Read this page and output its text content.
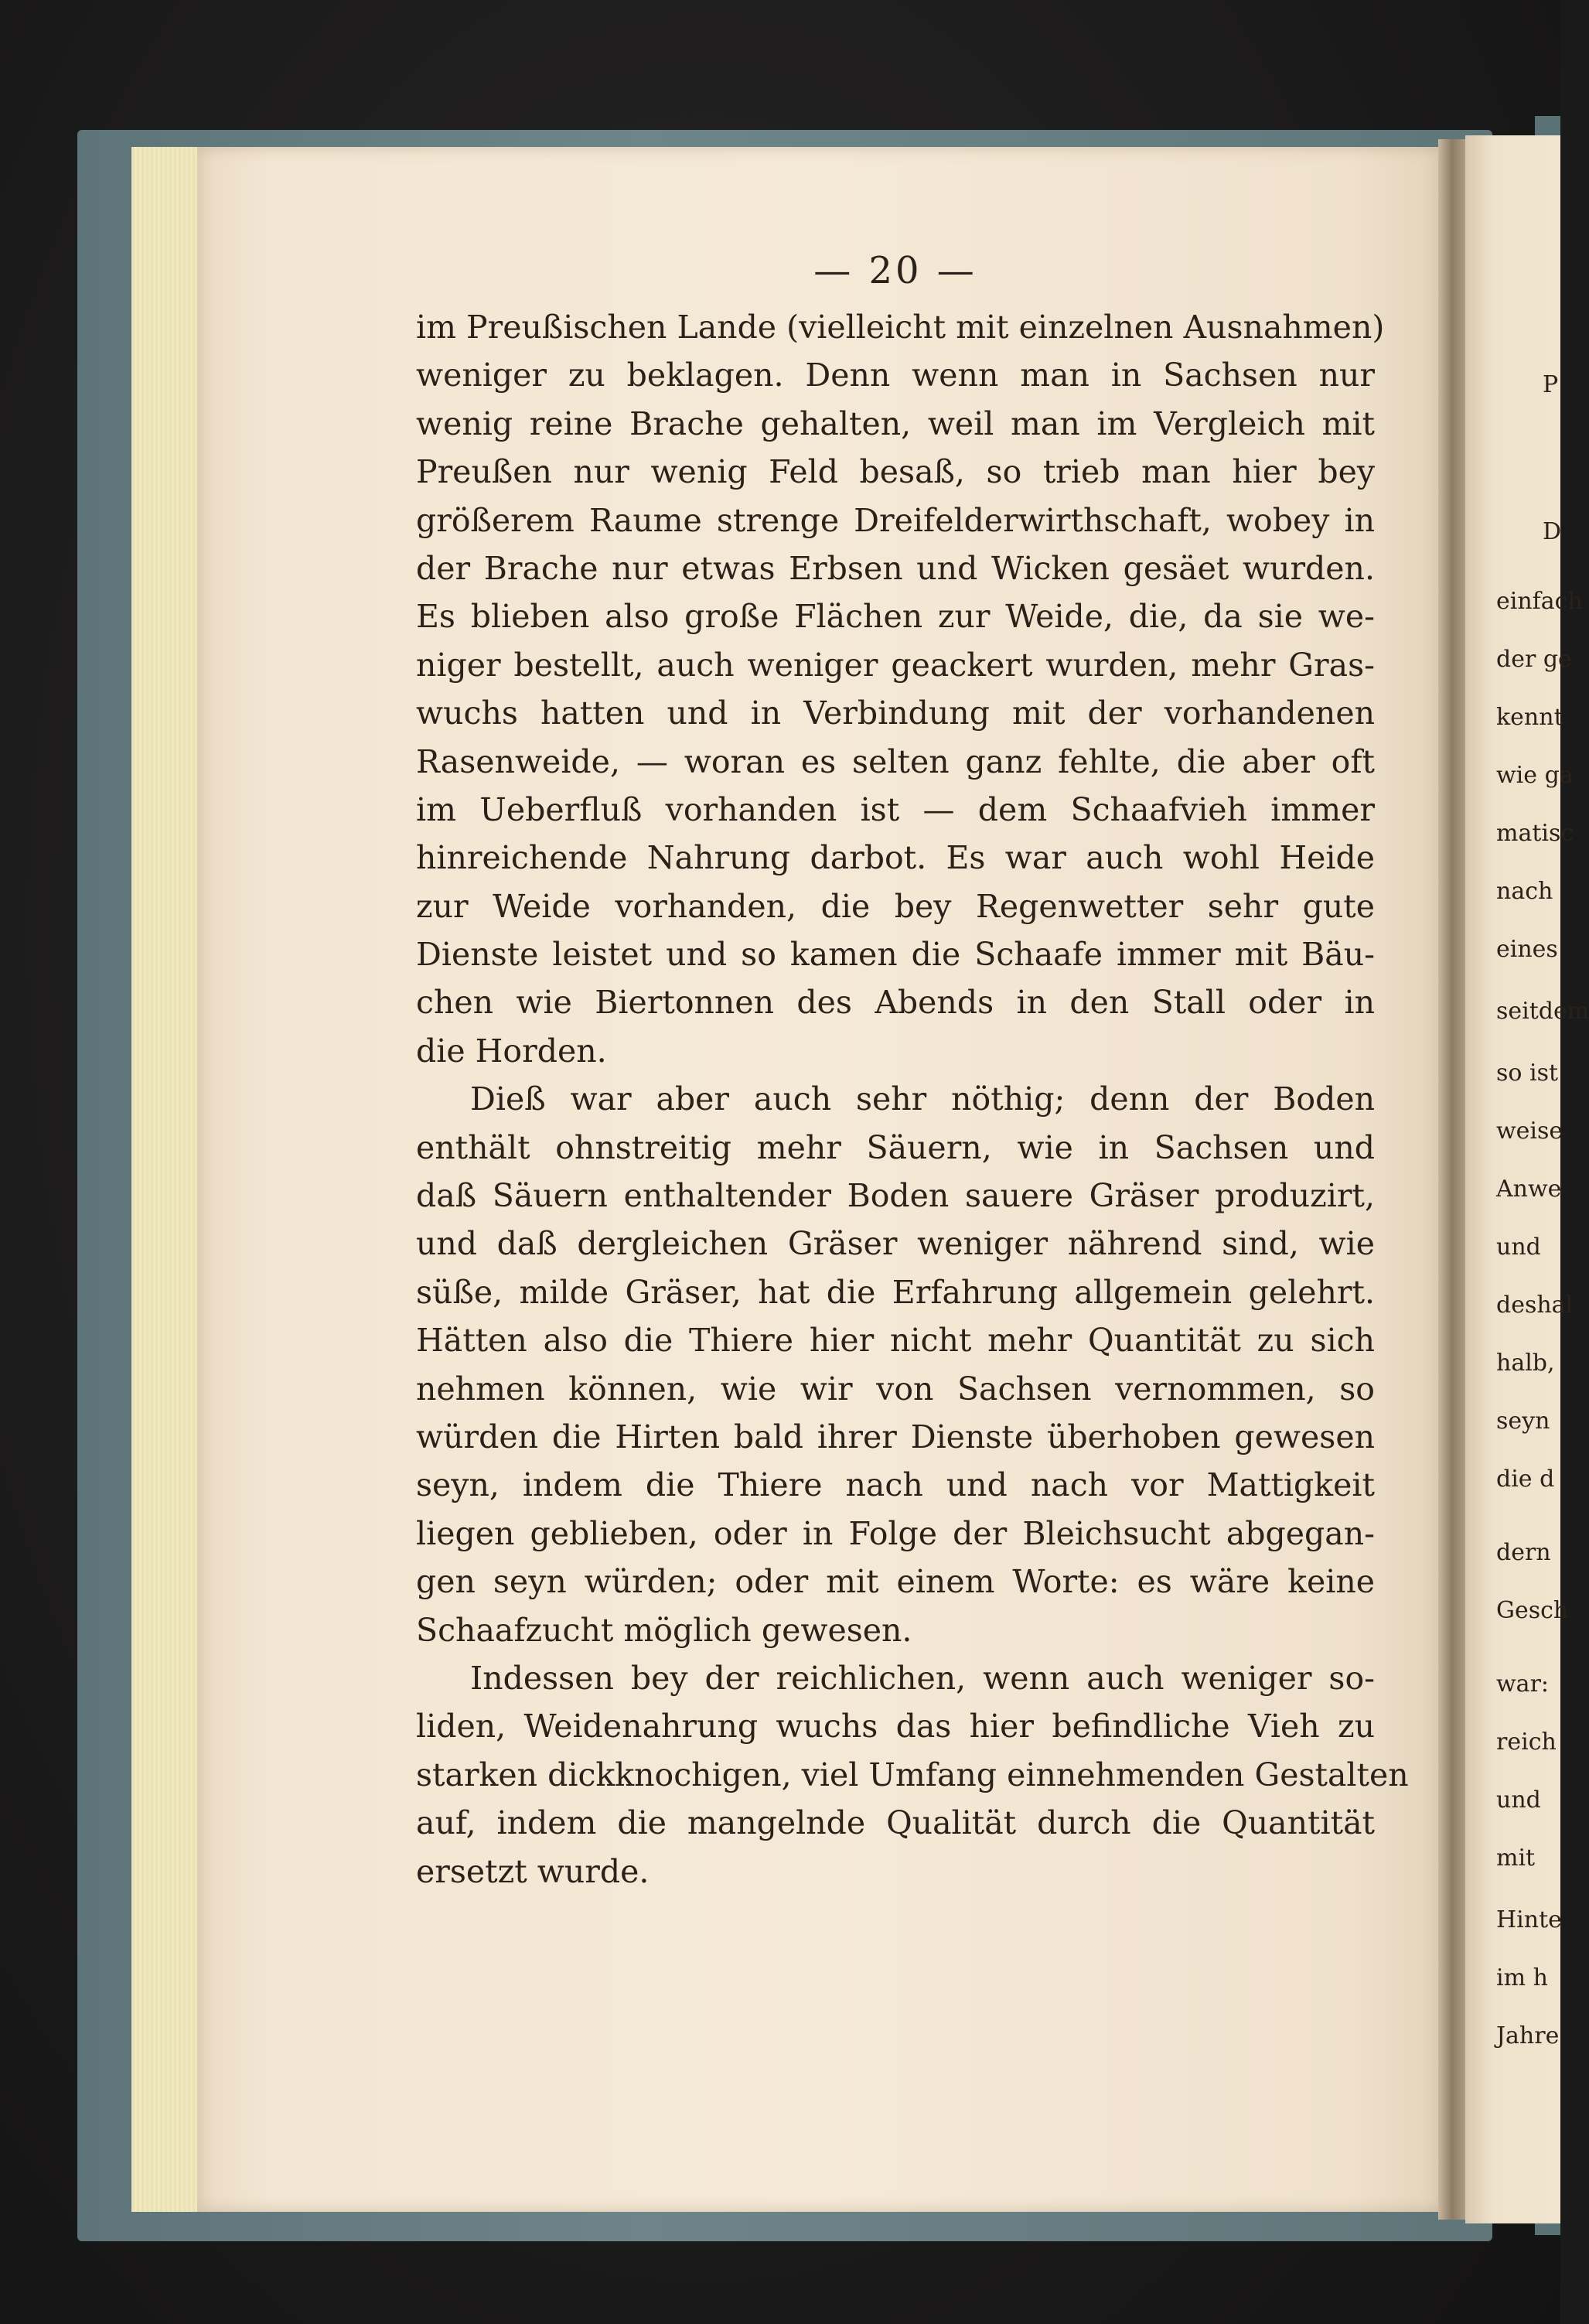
— 20 —
im Preußischen Lande (vielleicht mit einzelnen Ausnahmen)
weniger zu beklagen. Denn wenn man in Sachsen nur
wenig reine Brache gehalten, weil man im Vergleich mit
Preußen nur wenig Feld besaß, so trieb man hier bey
größerem Raume strenge Dreifelderwirthschaft, wobey in
der Brache nur etwas Erbsen und Wicken gesäet wurden.
Es blieben also große Flächen zur Weide, die, da sie we-
niger bestellt, auch weniger geackert wurden, mehr Gras-
wuchs hatten und in Verbindung mit der vorhandenen
Rasenweide, — woran es selten ganz fehlte, die aber oft
im Ueberfluß vorhanden ist — dem Schaafvieh immer
hinreichende Nahrung darbot. Es war auch wohl Heide
zur Weide vorhanden, die bey Regenwetter sehr gute
Dienste leistet und so kamen die Schaafe immer mit Bäu-
chen wie Biertonnen des Abends in den Stall oder in
die Horden.
Dieß war aber auch sehr nöthig; denn der Boden
enthält ohnstreitig mehr Säuern, wie in Sachsen und
daß Säuern enthaltender Boden sauere Gräser produzirt,
und daß dergleichen Gräser weniger nährend sind, wie
süße, milde Gräser, hat die Erfahrung allgemein gelehrt.
Hätten also die Thiere hier nicht mehr Quantität zu sich
nehmen können, wie wir von Sachsen vernommen, so
würden die Hirten bald ihrer Dienste überhoben gewesen
seyn, indem die Thiere nach und nach vor Mattigkeit
liegen geblieben, oder in Folge der Bleichsucht abgegan-
gen seyn würden; oder mit einem Worte: es wäre keine
Schaafzucht möglich gewesen.
Indessen bey der reichlichen, wenn auch weniger so-
liden, Weidenahrung wuchs das hier befindliche Vieh zu
starken dickknochigen, viel Umfang einnehmenden Gestalten
auf, indem die mangelnde Qualität durch die Quantität
ersetzt wurde.
P
D
einfach
der ge
kennt
wie ga
matisc
nach
eines
seitdem
so ist
weise
Anwe
und
deshal
halb,
seyn
die d
dern
Gesch
war:
reich
und
mit
Hinte
im h
Jahre
